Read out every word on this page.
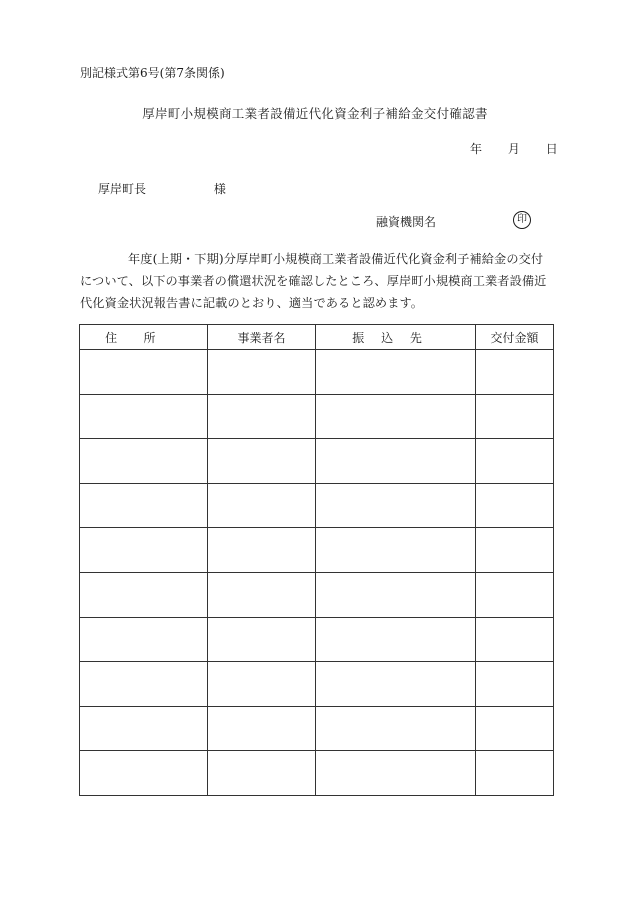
別記様式第6号(第7条関係)
厚岸町小規模商工業者設備近代化資金利子補給金交付確認書
年 月 日
厚岸町長	様
融資機関名	印
年度(上期・下期)分厚岸町小規模商工業者設備近代化資金利子補給金の交付について、以下の事業者の償還状況を確認したところ、厚岸町小規模商工業者設備近代化資金状況報告書に記載のとおり、適当であると認めます。
住所	事業者名	振込先	交付金額
